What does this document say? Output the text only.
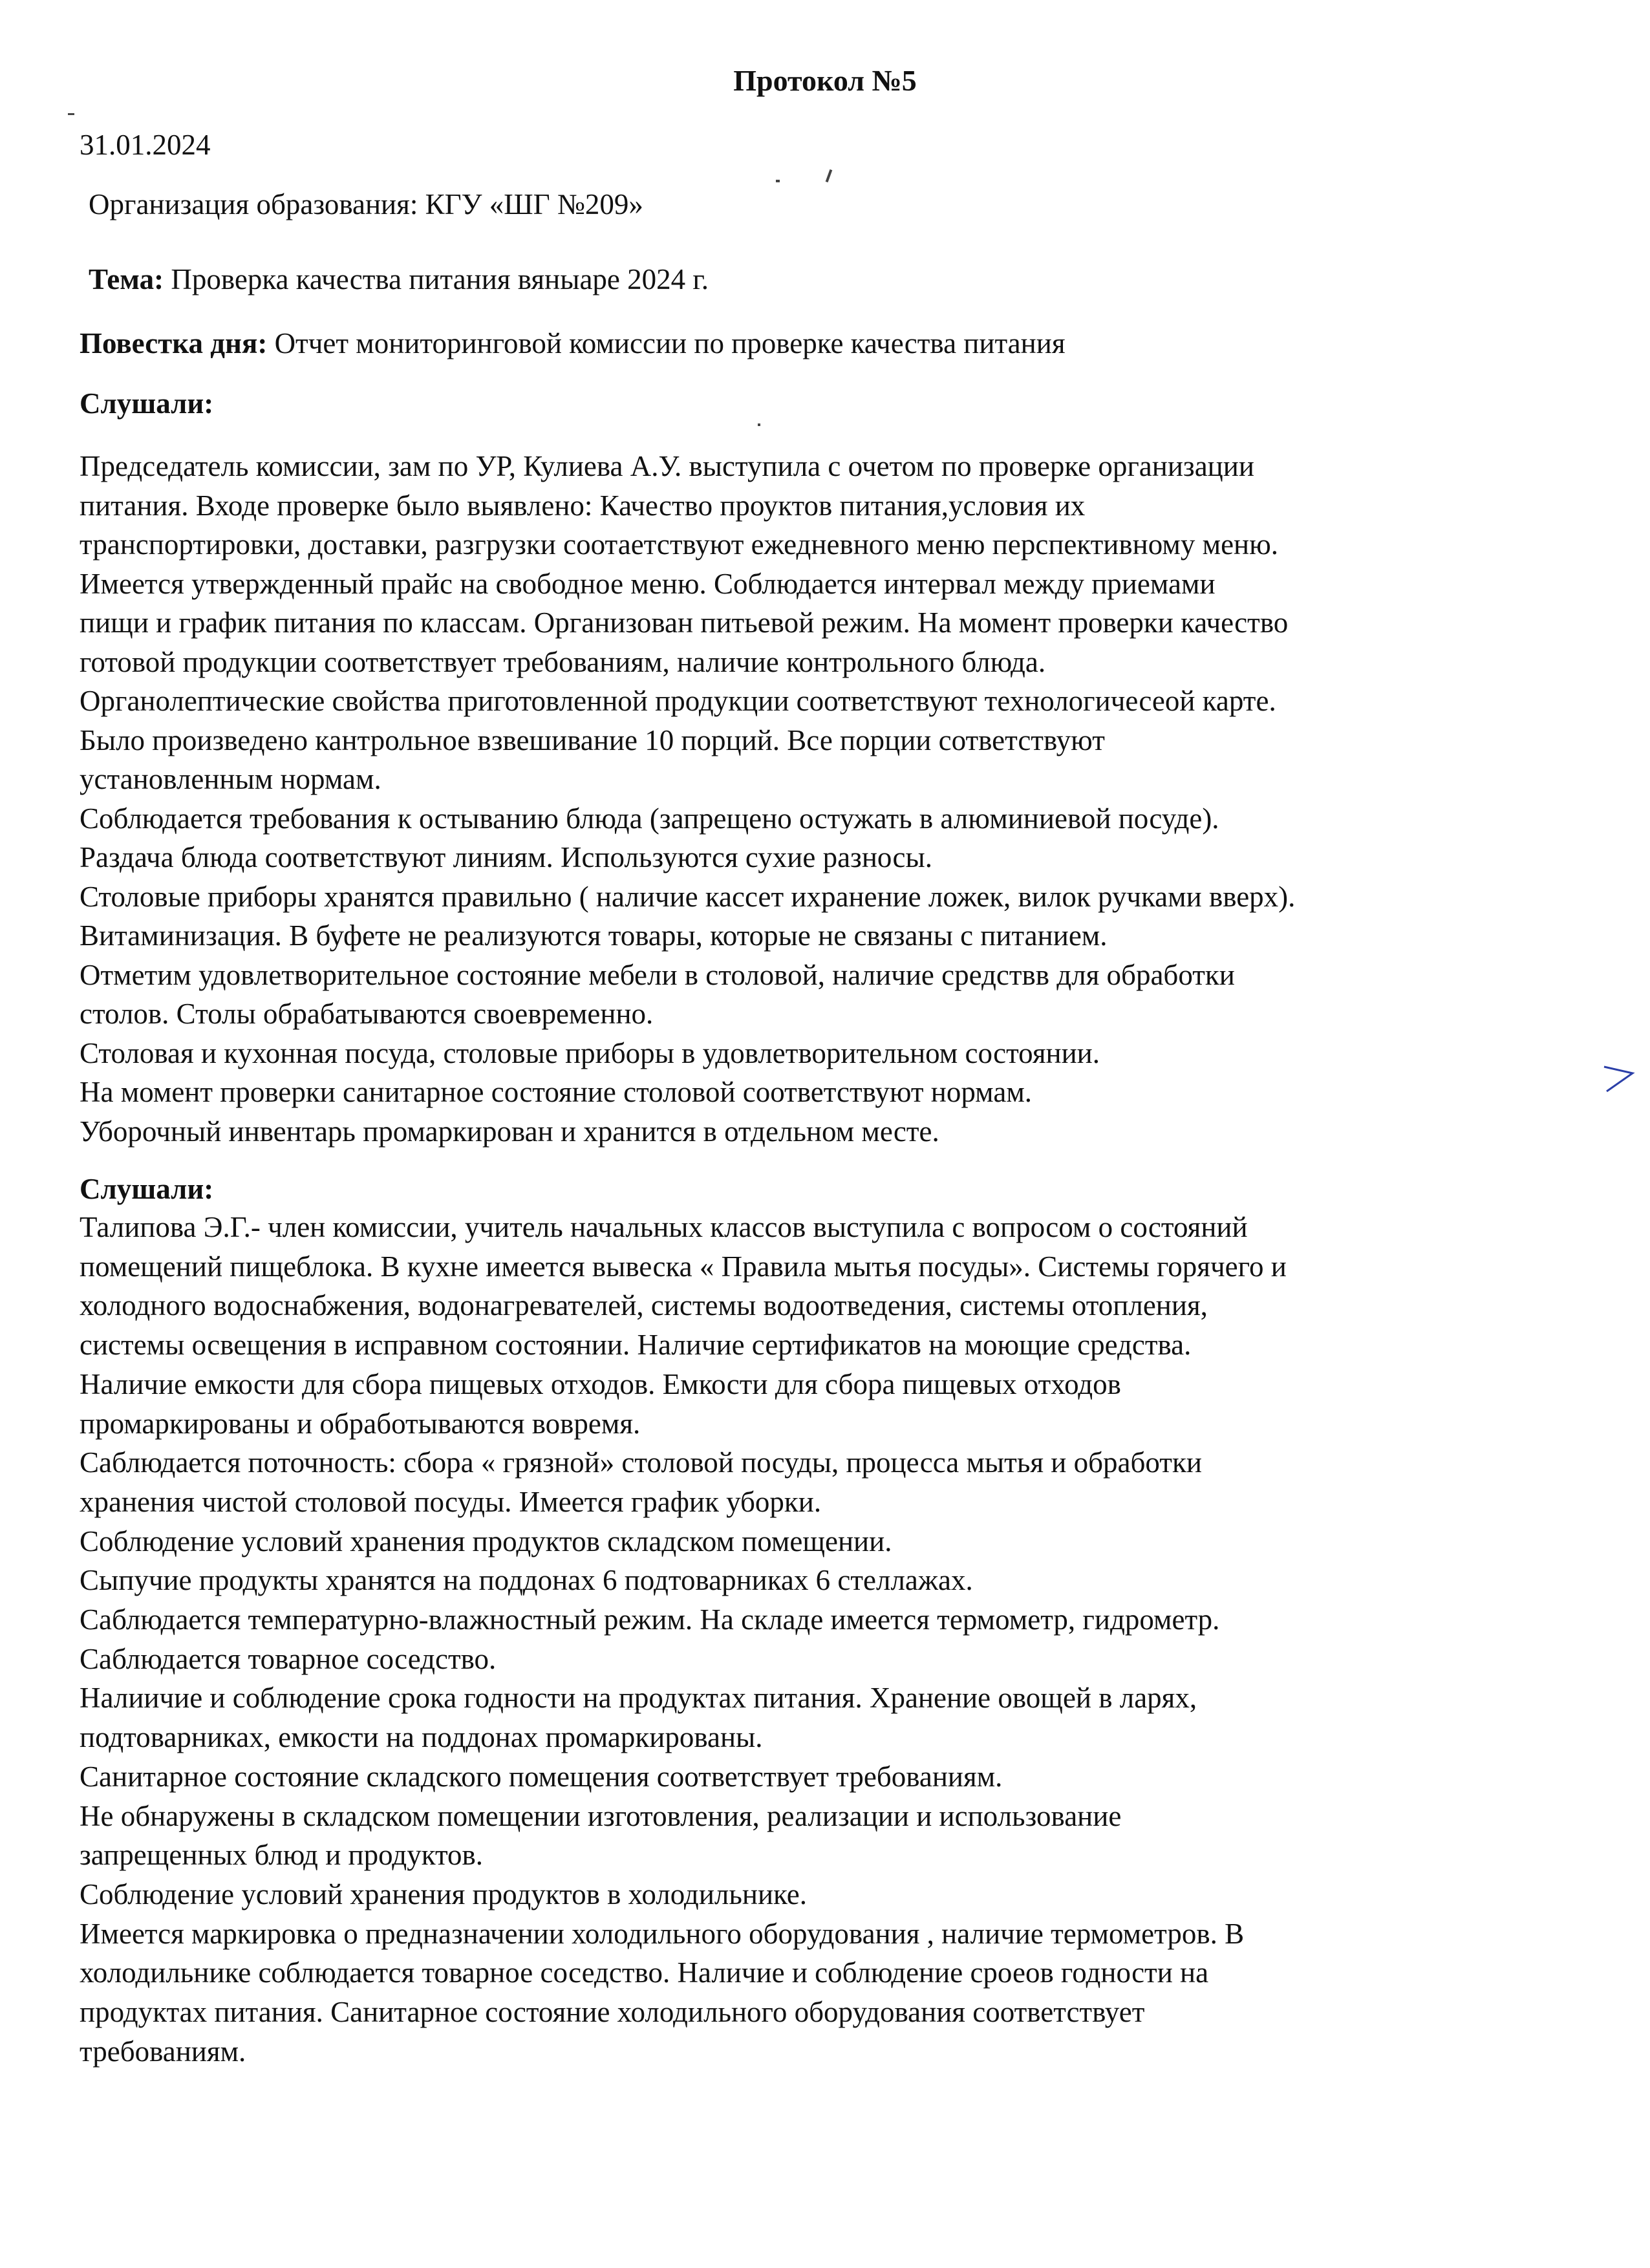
Протокол №5

31.01.2024

Организация образования: КГУ «ШГ №209»

Тема: Проверка качества питания вяныаре 2024 г.

Повестка дня: Отчет мониторинговой комиссии по проверке качества питания

Слушали:

Председатель комиссии, зам по УР, Кулиева А.У. выступила с очетом по проверке организации

питания. Входе проверке было выявлено: Качество проуктов питания,условия их

транспортировки, доставки, разгрузки соотаетствуют ежедневного меню перспективному меню.

Имеется утвержденный прайс на свободное меню. Соблюдается интервал между приемами

пищи и график питания по классам. Организован питьевой режим. На момент проверки качество

готовой продукции соответствует требованиям, наличие контрольного блюда.

Органолептические свойства приготовленной продукции соответствуют технологичесеой карте.

Было произведено кантрольное взвешивание 10 порций. Все порции сответствуют

установленным нормам.

Соблюдается требования к остыванию блюда (запрещено остужать в алюминиевой посуде).

Раздача блюда соответствуют линиям. Используются сухие разносы.

Столовые приборы хранятся правильно ( наличие кассет ихранение ложек, вилок ручками вверх).

Витаминизация. В буфете не реализуются товары, которые не связаны с питанием.

Отметим удовлетворительное состояние мебели в столовой, наличие средствв для обработки

столов. Столы обрабатываются своевременно.

Столовая и кухонная посуда, столовые приборы в удовлетворительном состоянии.

На момент проверки санитарное состояние столовой соответствуют нормам.

Уборочный инвентарь промаркирован и хранится в отдельном месте.

Слушали:

Талипова Э.Г.- член комиссии, учитель начальных классов выступила с вопросом о состояний

помещений пищеблока. В кухне имеется вывеска « Правила мытья посуды». Системы горячего и

холодного водоснабжения, водонагревателей, системы водоотведения, системы отопления,

системы освещения в исправном состоянии. Наличие сертификатов на моющие средства.

Наличие емкости для сбора пищевых отходов. Емкости для сбора пищевых отходов

промаркированы и обработываются вовремя.

Саблюдается поточность: сбора « грязной» столовой посуды, процесса мытья и обработки

хранения чистой столовой посуды. Имеется график уборки.

Соблюдение условий хранения продуктов складском помещении.

Сыпучие продукты хранятся на поддонах 6 подтоварниках 6 стеллажах.

Саблюдается температурно-влажностный режим. На складе имеется термометр, гидрометр.

Саблюдается товарное соседство.

Налиичие и соблюдение срока годности на продуктах питания. Хранение овощей в ларях,

подтоварниках, емкости на поддонах промаркированы.

Санитарное состояние складского помещения соответствует требованиям.

Не обнаружены в складском помещении изготовления, реализации и использование

запрещенных блюд и продуктов.

Соблюдение условий хранения продуктов в холодильнике.

Имеется маркировка о предназначении холодильного оборудования , наличие термометров. В

холодильнике соблюдается товарное соседство. Наличие и соблюдение сроеов годности на

продуктах питания. Санитарное состояние холодильного оборудования соответствует

требованиям.
